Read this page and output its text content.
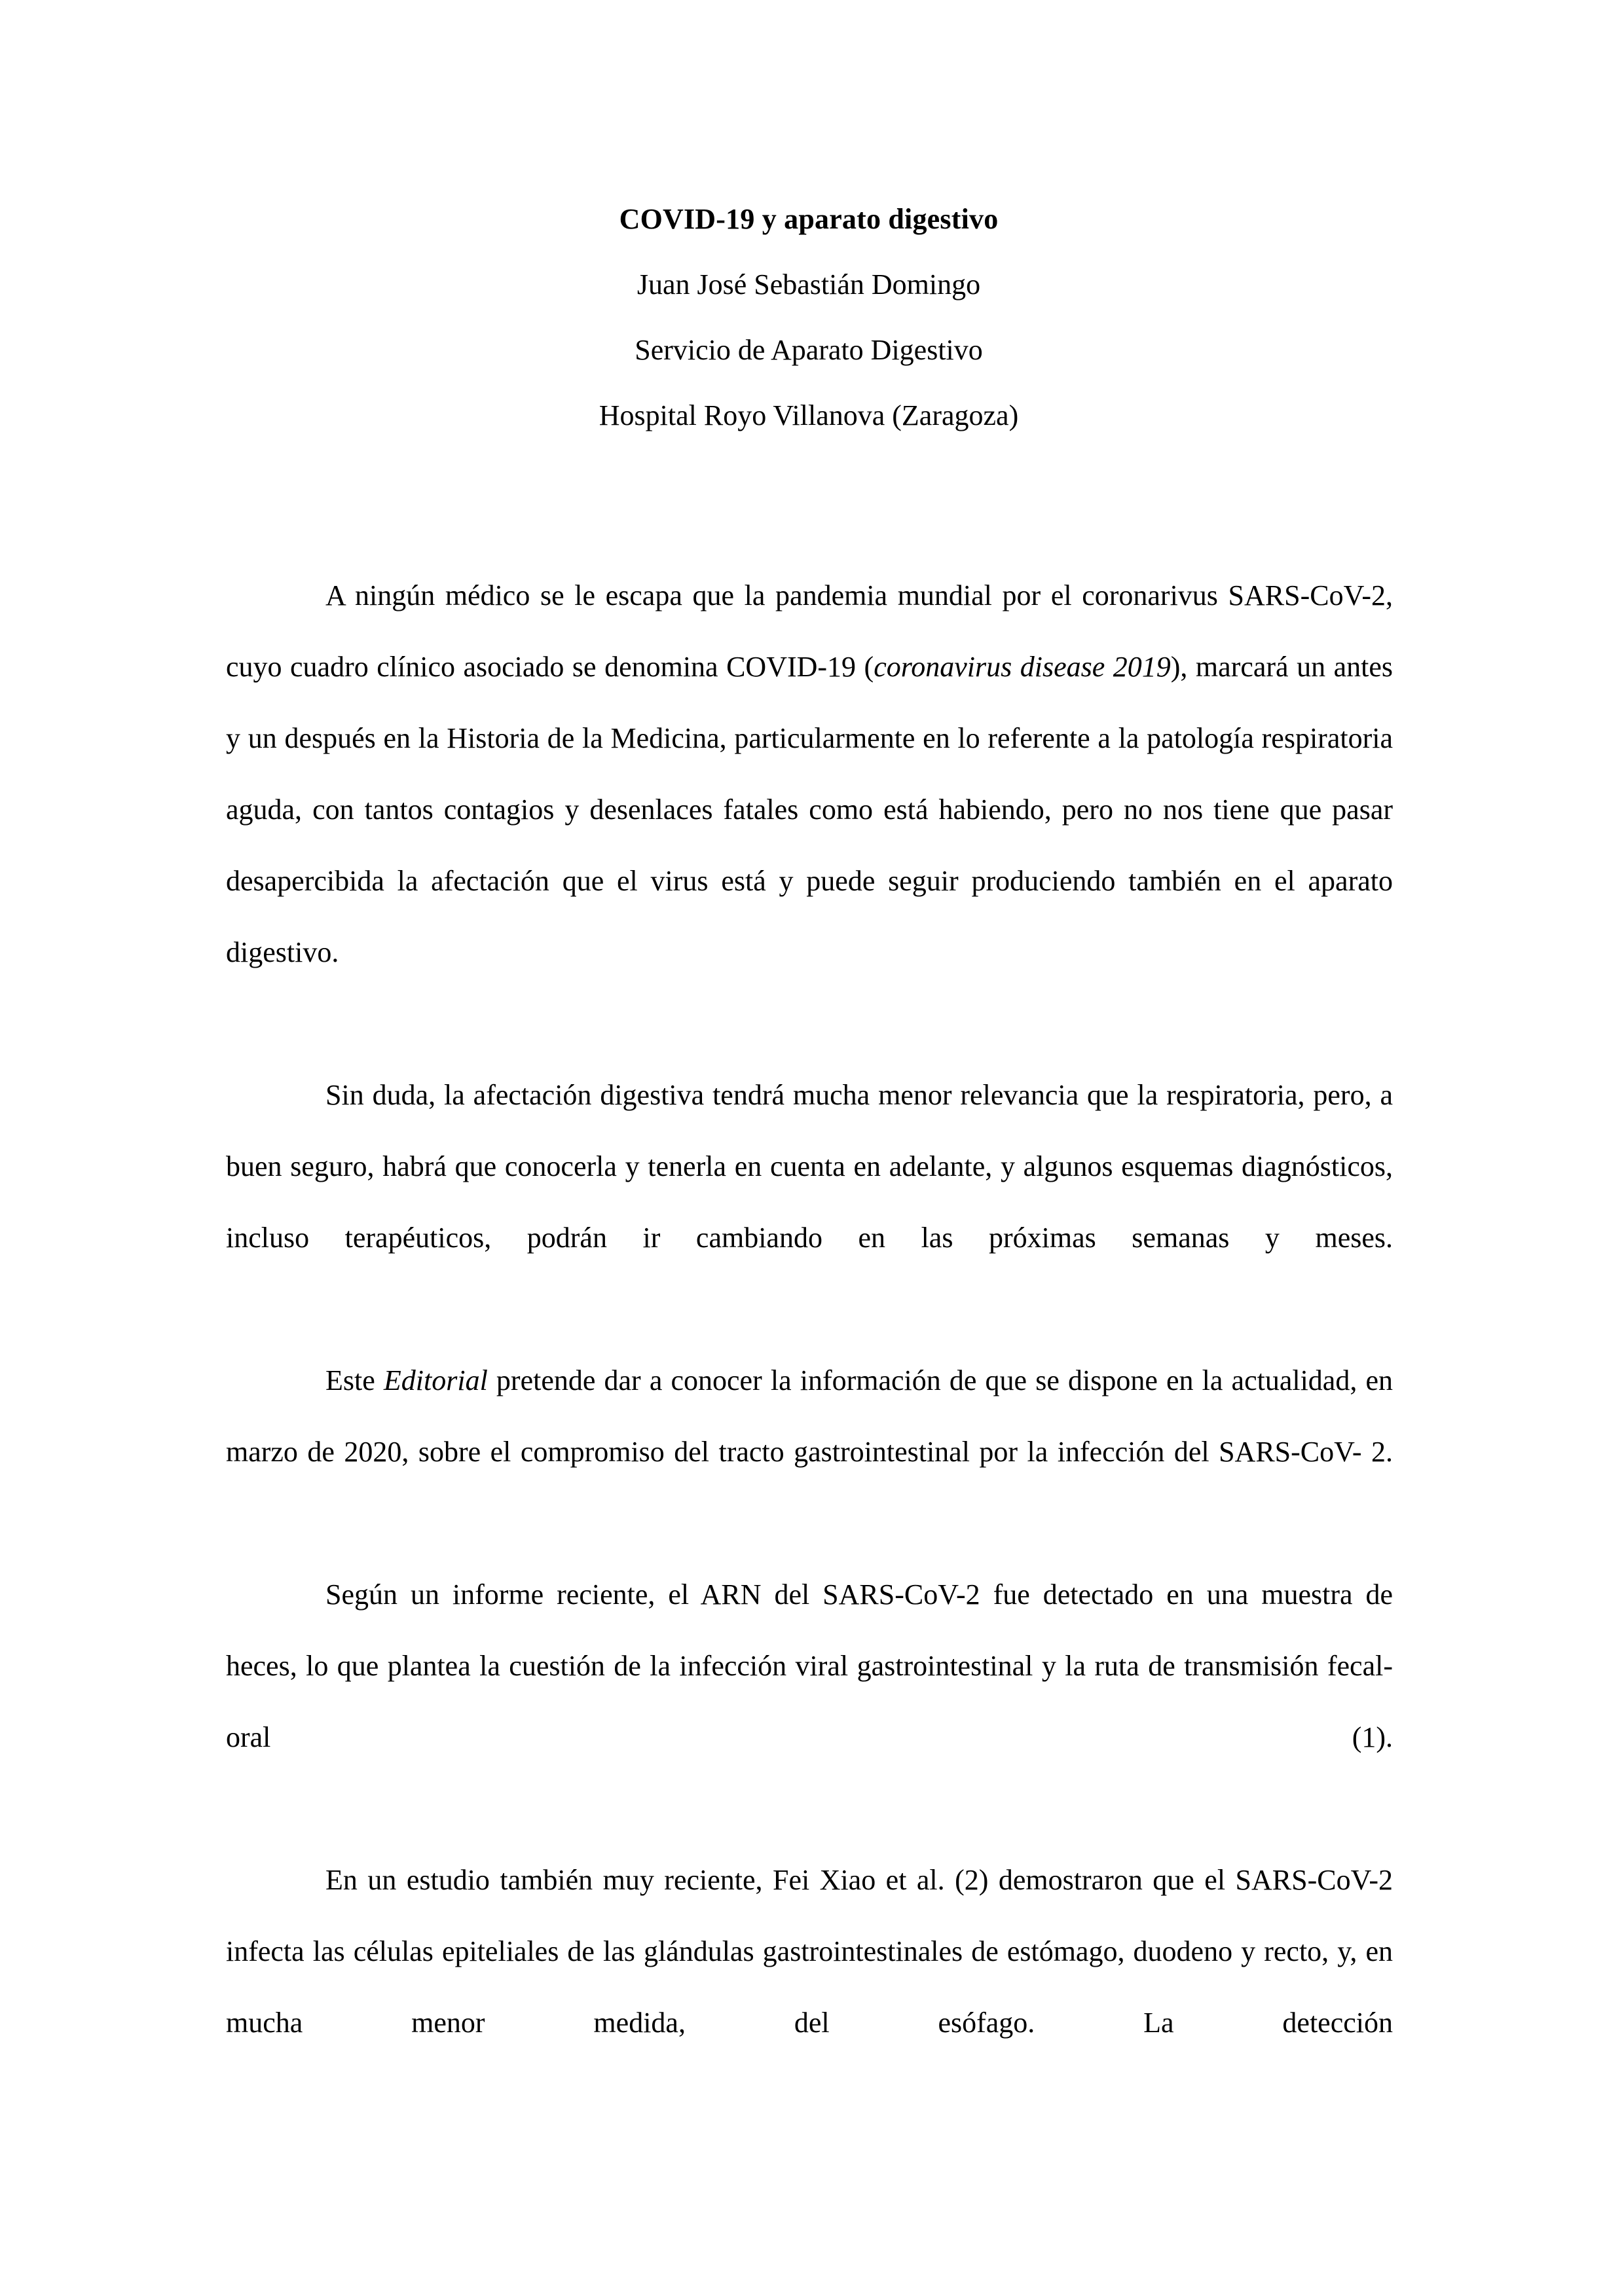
COVID-19 y aparato digestivo
Juan José Sebastián Domingo
Servicio de Aparato Digestivo
Hospital Royo Villanova (Zaragoza)

A ningún médico se le escapa que la pandemia mundial por el coronarivus SARS-CoV-2, cuyo cuadro clínico asociado se denomina COVID-19 (coronavirus disease 2019), marcará un antes y un después en la Historia de la Medicina, particularmente en lo referente a la patología respiratoria aguda, con tantos contagios y desenlaces fatales como está habiendo, pero no nos tiene que pasar desapercibida la afectación que el virus está y puede seguir produciendo también en el aparato digestivo.

Sin duda, la afectación digestiva tendrá mucha menor relevancia que la respiratoria, pero, a buen seguro, habrá que conocerla y tenerla en cuenta en adelante, y algunos esquemas diagnósticos, incluso terapéuticos, podrán ir cambiando en las próximas semanas y meses.

Este Editorial pretende dar a conocer la información de que se dispone en la actualidad, en marzo de 2020, sobre el compromiso del tracto gastrointestinal por la infección del SARS-CoV- 2.

Según un informe reciente, el ARN del SARS-CoV-2 fue detectado en una muestra de heces, lo que plantea la cuestión de la infección viral gastrointestinal y la ruta de transmisión fecal-oral (1).

En un estudio también muy reciente, Fei Xiao et al. (2) demostraron que el SARS-CoV-2 infecta las células epiteliales de las glándulas gastrointestinales de estómago, duodeno y recto, y, en mucha menor medida, del esófago. La detección
